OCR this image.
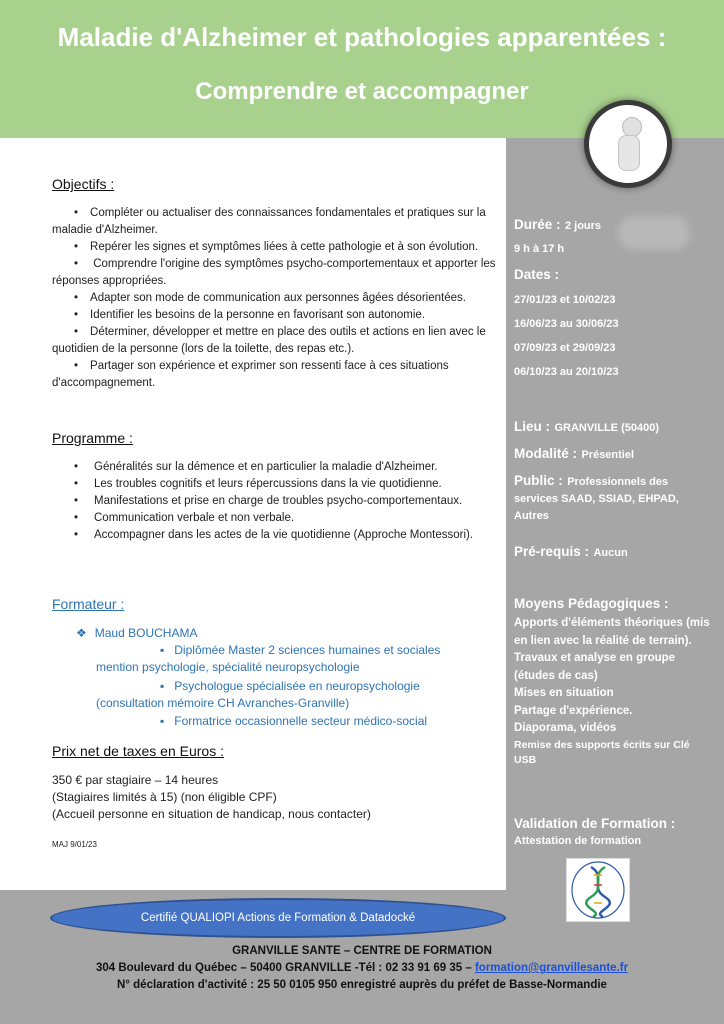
Maladie d'Alzheimer et pathologies apparentées :
Comprendre et accompagner
Objectifs :
• Compléter ou actualiser des connaissances fondamentales et pratiques sur la maladie d'Alzheimer.
• Repérer les signes et symptômes liées à cette pathologie et à son évolution.
• Comprendre l'origine des symptômes psycho-comportementaux et apporter les réponses appropriées.
• Adapter son mode de communication aux personnes âgées désorientées.
• Identifier les besoins de la personne en favorisant son autonomie.
• Déterminer, développer et mettre en place des outils et actions en lien avec le quotidien de la personne (lors de la toilette, des repas etc.).
• Partager son expérience et exprimer son ressenti face à ces situations d'accompagnement.
Programme :
• Généralités sur la démence et en particulier la maladie d'Alzheimer.
• Les troubles cognitifs et leurs répercussions dans la vie quotidienne.
• Manifestations et prise en charge de troubles psycho-comportementaux.
• Communication verbale et non verbale.
• Accompagner dans les actes de la vie quotidienne (Approche Montessori).
Formateur :
❖ Maud BOUCHAMA
▪ Diplômée Master 2 sciences humaines et sociales mention psychologie, spécialité neuropsychologie
▪ Psychologue spécialisée en neuropsychologie (consultation mémoire CH Avranches-Granville)
▪ Formatrice occasionnelle secteur médico-social
Prix net de taxes en Euros :
350 € par stagiaire – 14 heures
(Stagiaires limités à 15) (non éligible CPF)
(Accueil personne en situation de handicap, nous contacter)
MAJ 9/01/23
Durée : 2 jours
9 h à 17 h
Dates :
27/01/23 et 10/02/23
16/06/23 au 30/06/23
07/09/23 et 29/09/23
06/10/23 au 20/10/23
Lieu : GRANVILLE (50400)
Modalité : Présentiel
Public : Professionnels des services SAAD, SSIAD, EHPAD, Autres
Pré-requis : Aucun
Moyens Pédagogiques :
Apports d'éléments théoriques (mis en lien avec la réalité de terrain).
Travaux et analyse en groupe (études de cas)
Mises en situation
Partage d'expérience.
Diaporama, vidéos
Remise des supports écrits sur Clé USB
Validation de Formation :
Attestation de formation
Certifié QUALIOPI Actions de Formation & Datadocké
GRANVILLE SANTE – CENTRE DE FORMATION
304 Boulevard du Québec – 50400 GRANVILLE -Tél : 02 33 91 69 35 – formation@granvillesante.fr
N° déclaration d'activité : 25 50 0105 950 enregistré auprès du préfet de Basse-Normandie
